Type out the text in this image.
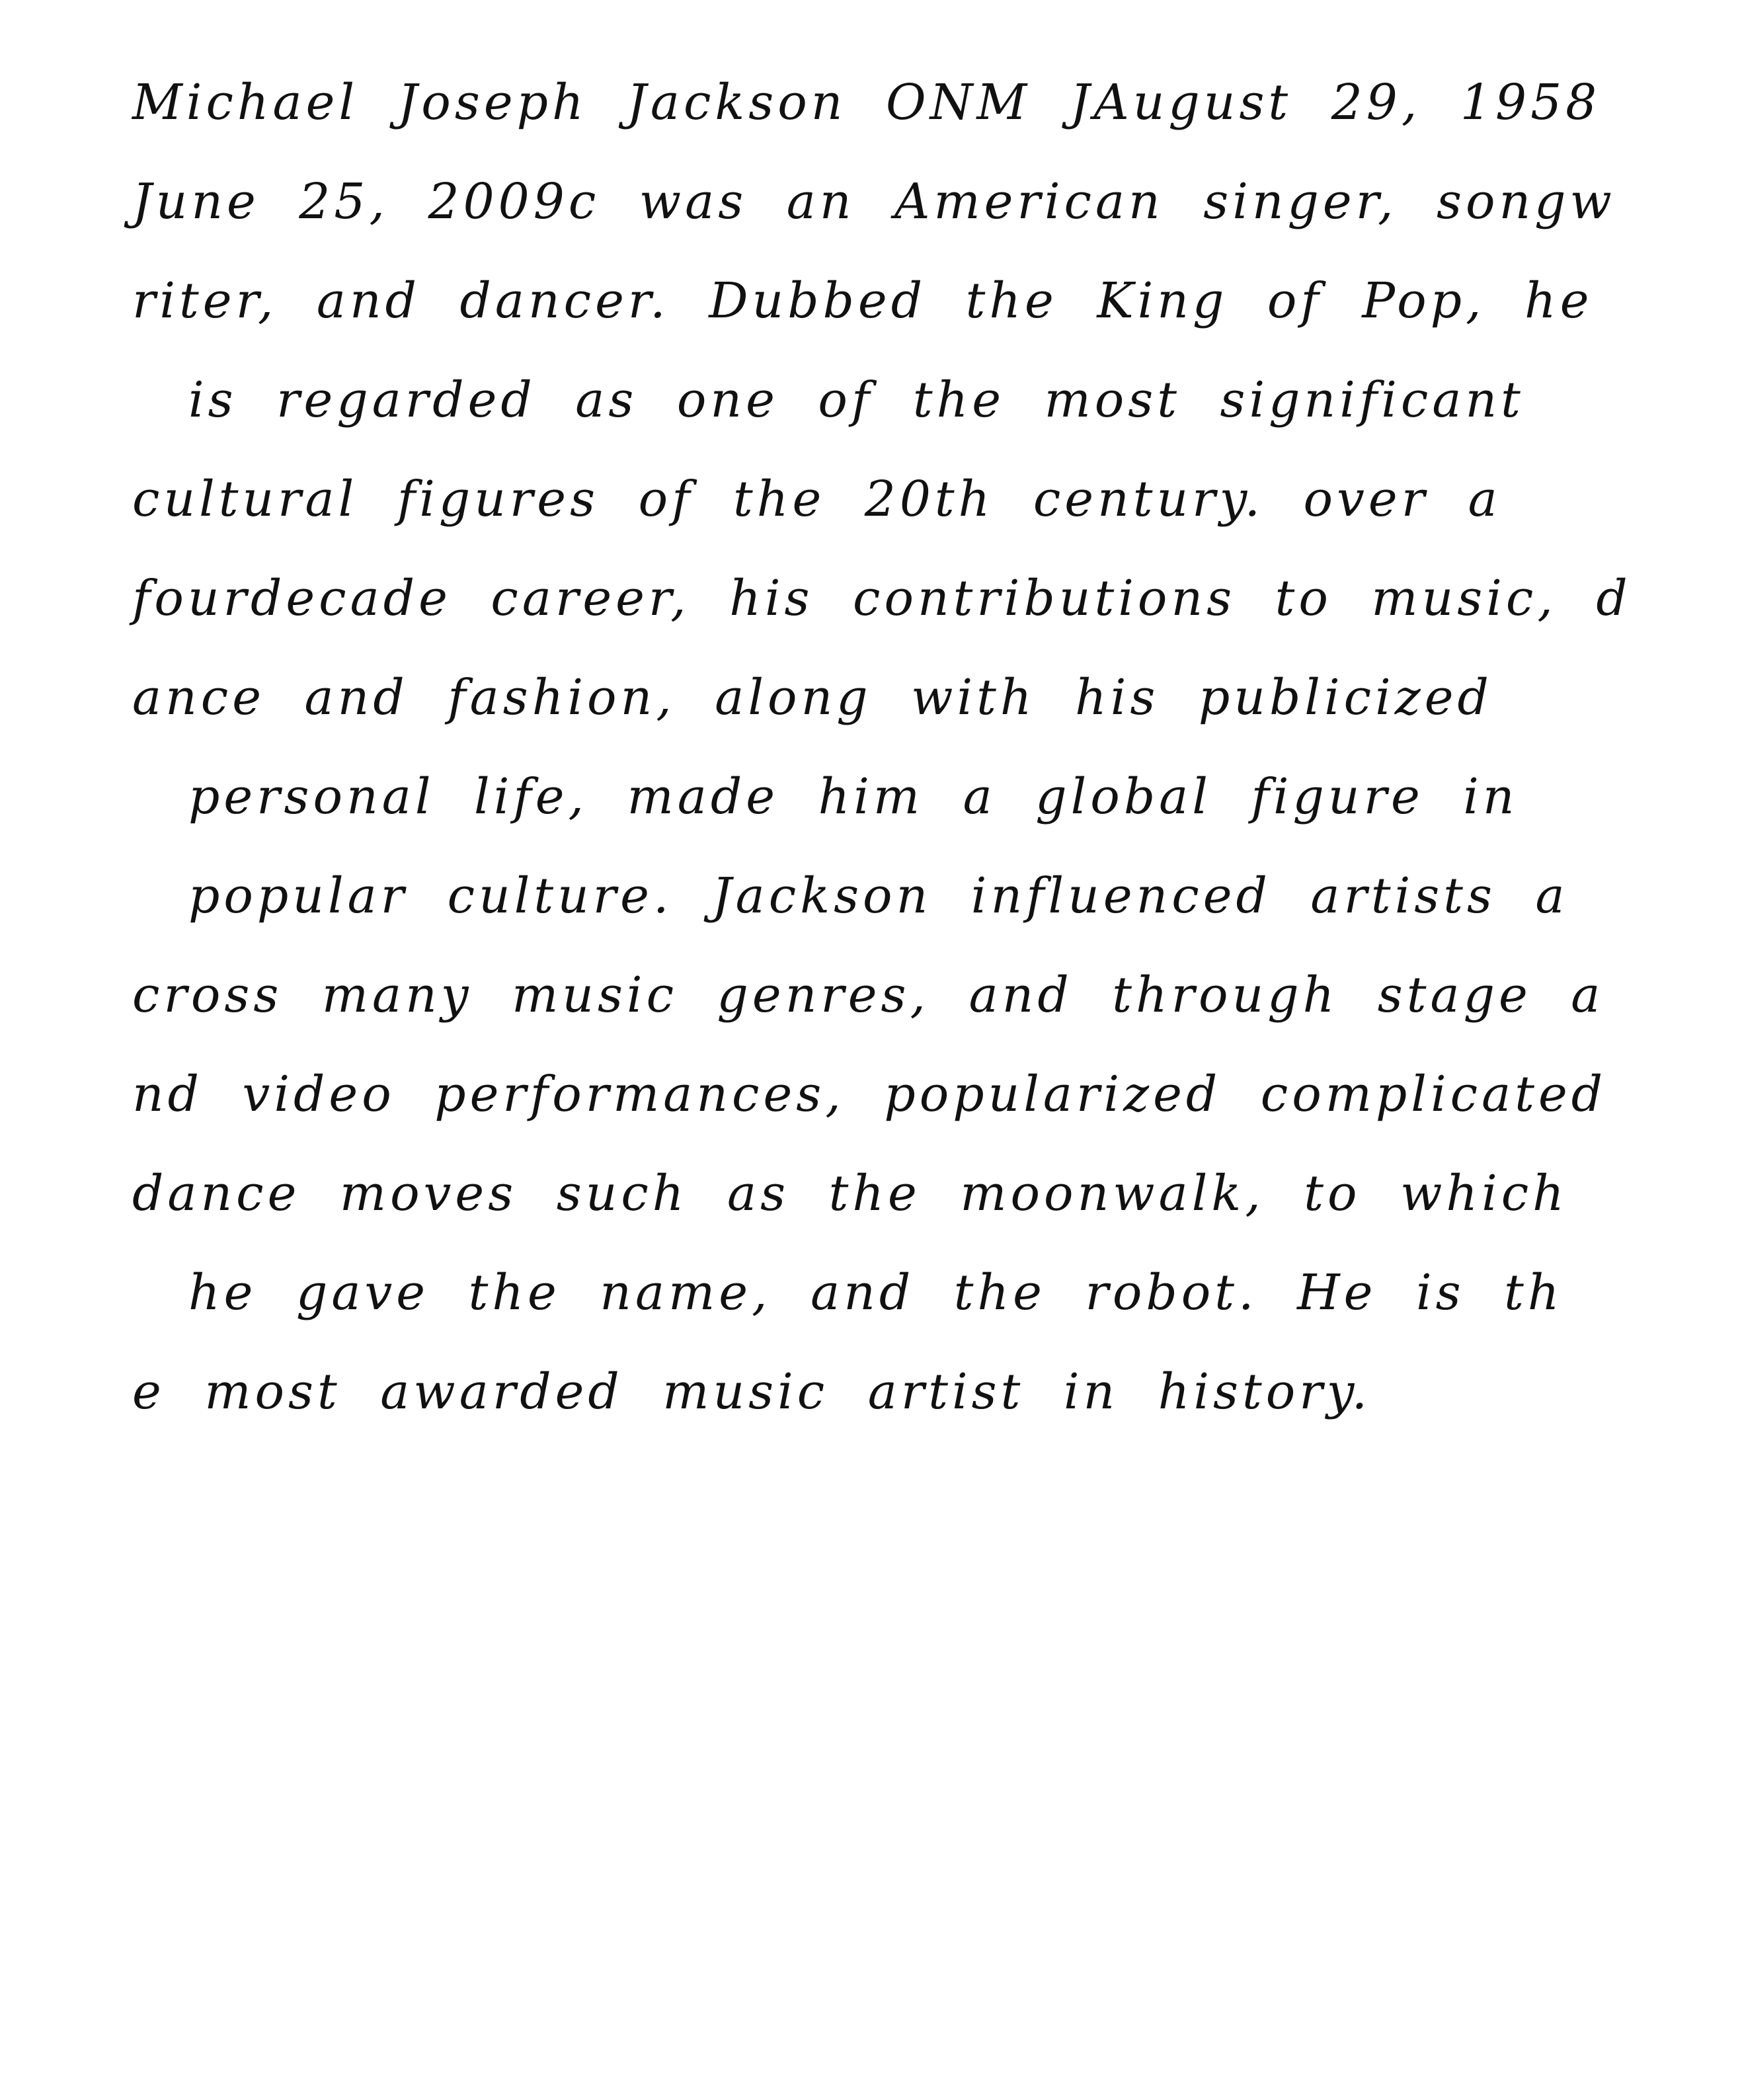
Michael Joseph Jackson ONM JAugust 29, 1958
June 25, 2009c was an American singer, songw
riter, and dancer. Dubbed the King of Pop, he
is regarded as one of the most significant
cultural figures of the 20th century. over a
fourdecade career, his contributions to music, d
ance and fashion, along with his publicized
personal life, made him a global figure in
popular culture. Jackson influenced artists a
cross many music genres, and through stage a
nd video performances, popularized complicated
dance moves such as the moonwalk, to which
he gave the name, and the robot. He is th
e most awarded music artist in history.
